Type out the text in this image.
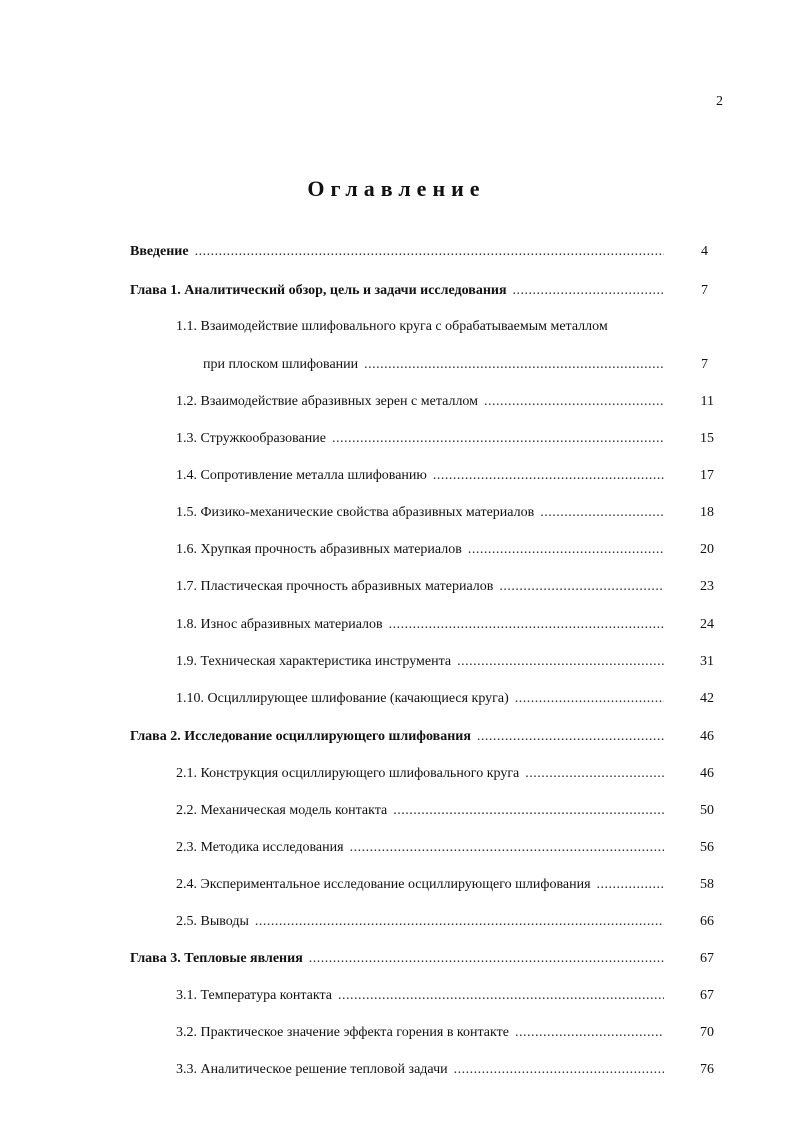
2
Оглавление
Введение .....	4
Глава 1. Аналитический обзор, цель и задачи исследования .....	7
1.1. Взаимодействие шлифовального круга с обрабатываемым металлом
при плоском шлифовании .....	7
1.2. Взаимодействие абразивных зерен с металлом .....	11
1.3. Стружкообразование .....	15
1.4. Сопротивление металла шлифованию .....	17
1.5. Физико-механические свойства абразивных материалов .....	18
1.6. Хрупкая прочность абразивных материалов .....	20
1.7. Пластическая прочность абразивных материалов .....	23
1.8. Износ абразивных материалов .....	24
1.9. Техническая характеристика инструмента .....	31
1.10. Осциллирующее шлифование (качающиеся круга) .....	42
Глава 2. Исследование осциллирующего шлифования .....	46
2.1. Конструкция осциллирующего шлифовального круга .....	46
2.2. Механическая модель контакта .....	50
2.3. Методика исследования .....	56
2.4. Экспериментальное исследование осциллирующего шлифования .....	58
2.5. Выводы .....	66
Глава 3. Тепловые явления .....	67
3.1. Температура контакта .....	67
3.2. Практическое значение эффекта горения в контакте .....	70
3.3. Аналитическое решение тепловой задачи .....	76
